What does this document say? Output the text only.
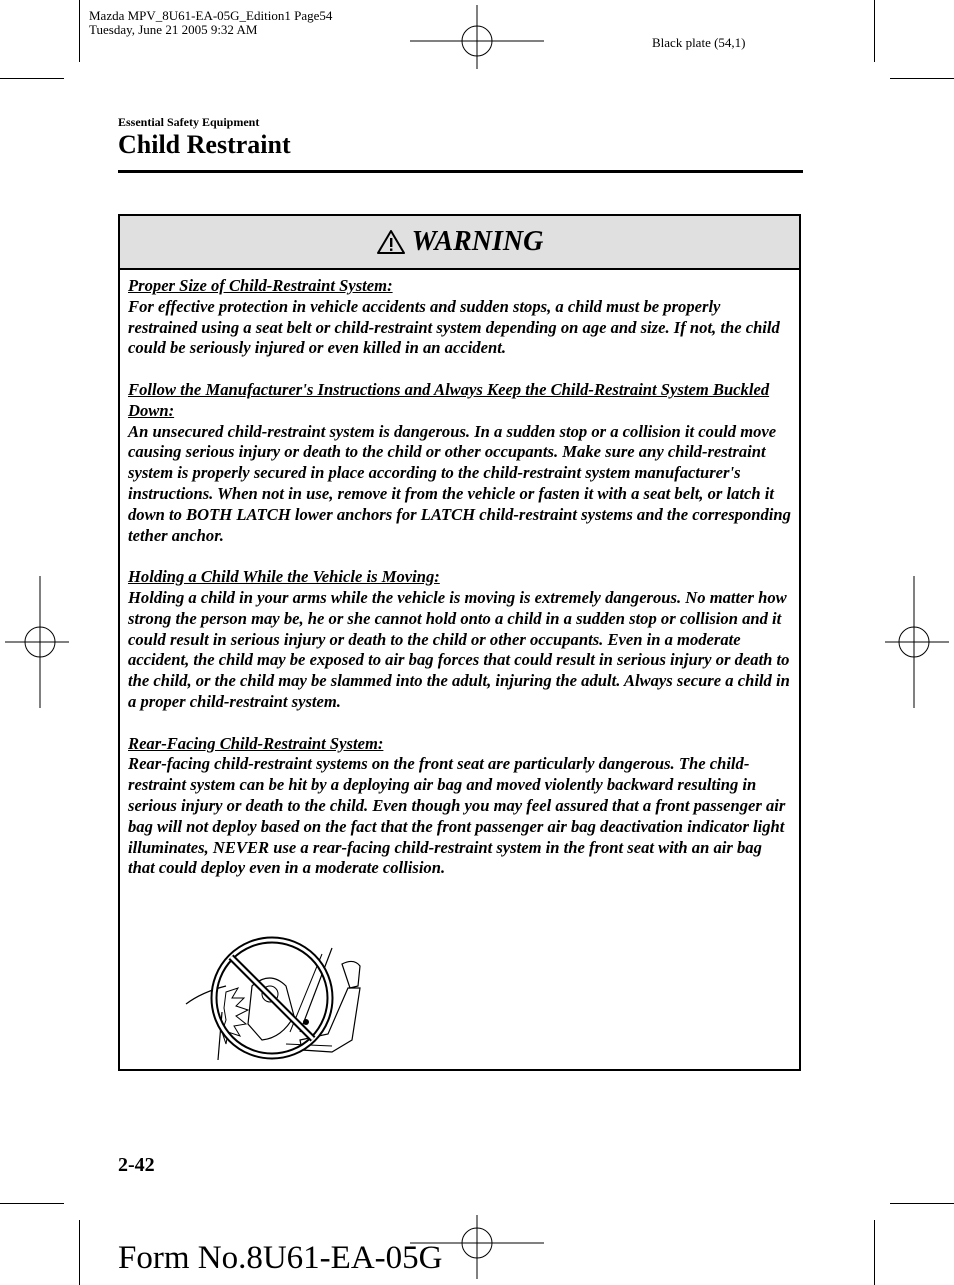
Mazda MPV_8U61-EA-05G_Edition1 Page54
Tuesday, June 21 2005 9:32 AM
Black plate (54,1)
Essential Safety Equipment
Child Restraint
WARNING
Proper Size of Child-Restraint System:
For effective protection in vehicle accidents and sudden stops, a child must be properly restrained using a seat belt or child-restraint system depending on age and size. If not, the child could be seriously injured or even killed in an accident.
Follow the Manufacturer's Instructions and Always Keep the Child-Restraint System Buckled Down:
An unsecured child-restraint system is dangerous. In a sudden stop or a collision it could move causing serious injury or death to the child or other occupants. Make sure any child-restraint system is properly secured in place according to the child-restraint system manufacturer's instructions. When not in use, remove it from the vehicle or fasten it with a seat belt, or latch it down to BOTH LATCH lower anchors for LATCH child-restraint systems and the corresponding tether anchor.
Holding a Child While the Vehicle is Moving:
Holding a child in your arms while the vehicle is moving is extremely dangerous. No matter how strong the person may be, he or she cannot hold onto a child in a sudden stop or collision and it could result in serious injury or death to the child or other occupants. Even in a moderate accident, the child may be exposed to air bag forces that could result in serious injury or death to the child, or the child may be slammed into the adult, injuring the adult. Always secure a child in a proper child-restraint system.
Rear-Facing Child-Restraint System:
Rear-facing child-restraint systems on the front seat are particularly dangerous. The child-restraint system can be hit by a deploying air bag and moved violently backward resulting in serious injury or death to the child. Even though you may feel assured that a front passenger air bag will not deploy based on the fact that the front passenger air bag deactivation indicator light illuminates, NEVER use a rear-facing child-restraint system in the front seat with an air bag that could deploy even in a moderate collision.
2-42
Form No.8U61-EA-05G
